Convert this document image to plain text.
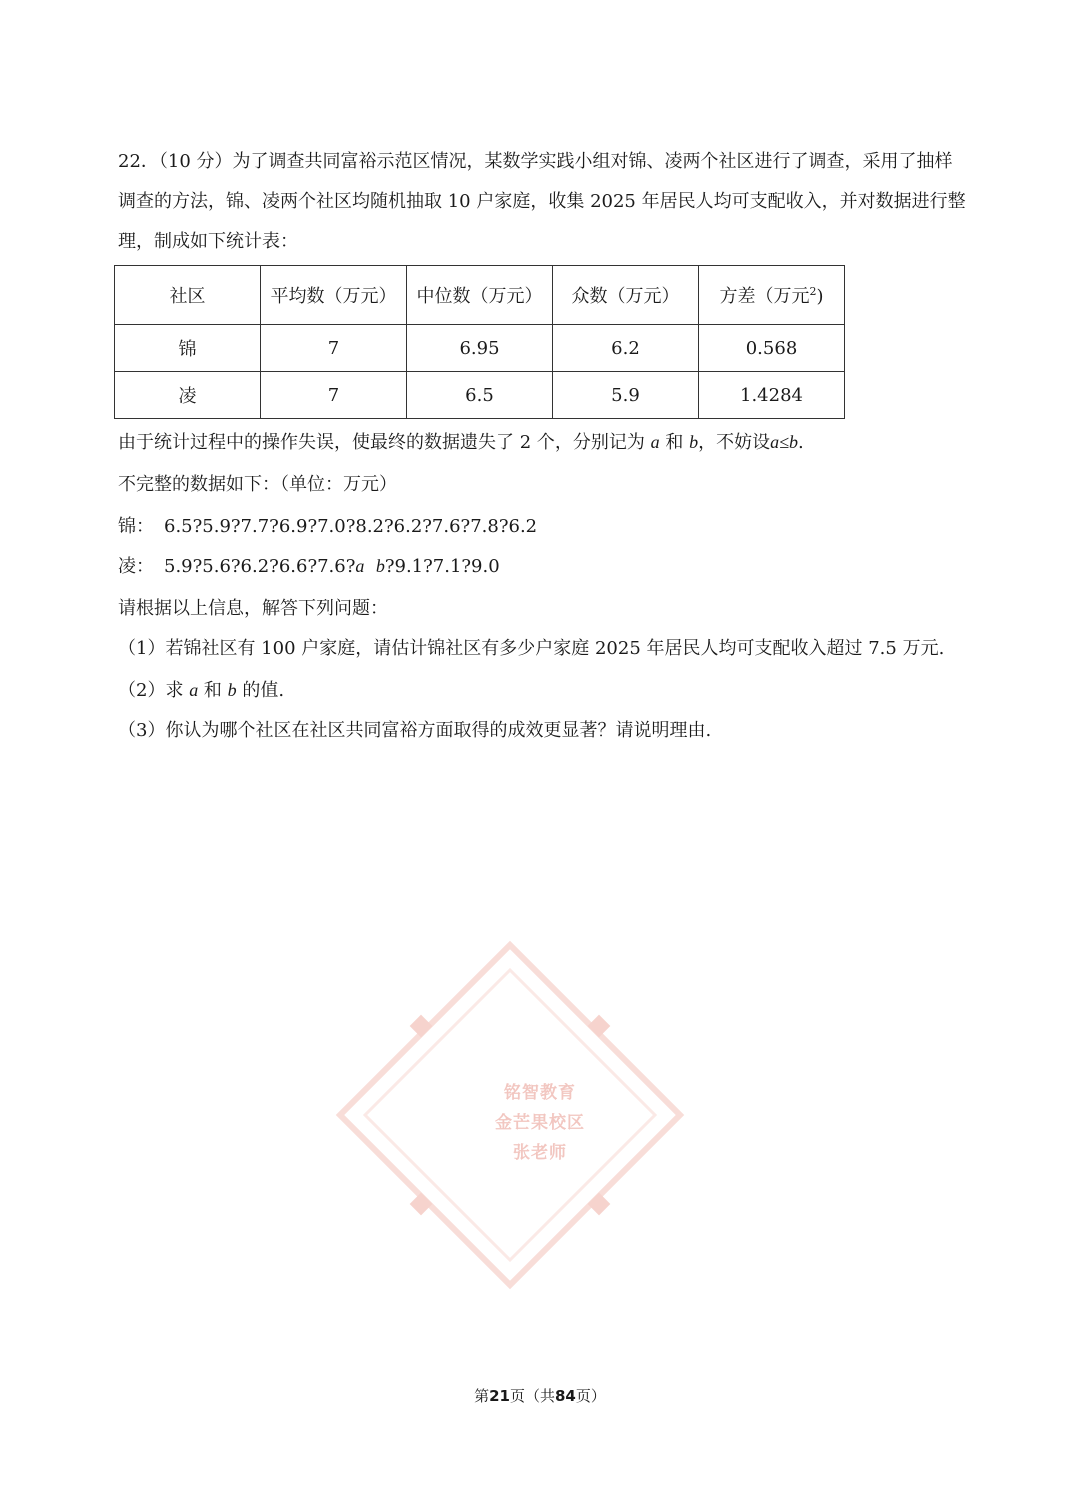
22．（10 分）为了调查共同富裕示范区情况，某数学实践小组对锦、凌两个社区进行了调查，采用了抽样调查的方法，锦、凌两个社区均随机抽取 10 户家庭，收集 2025 年居民人均可支配收入，并对数据进行整理，制成如下统计表：
社区	平均数（万元）	中位数（万元）	众数（万元）	方差（万元$^2$)
锦	7	6.95	6.2	0.568
凌	7	6.5	5.9	1.4284
由于统计过程中的操作失误，使最终的数据遗失了 2 个，分别记为 a 和 b，不妨设a≤b.
不完整的数据如下：（单位：万元）
锦： 6.5?5.9?7.7?6.9?7.0?8.2?6.2?7.6?7.8?6.2
凌： 5.9?5.6?6.2?6.6?7.6?a b?9.1?7.1?9.0
请根据以上信息，解答下列问题：
（1）若锦社区有 100 户家庭，请估计锦社区有多少户家庭 2025 年居民人均可支配收入超过 7.5 万元.
（2）求 a 和 b 的值.
（3）你认为哪个社区在社区共同富裕方面取得的成效更显著？请说明理由.
铭智教育
金芒果校区
张老师
第21页（共84页）
